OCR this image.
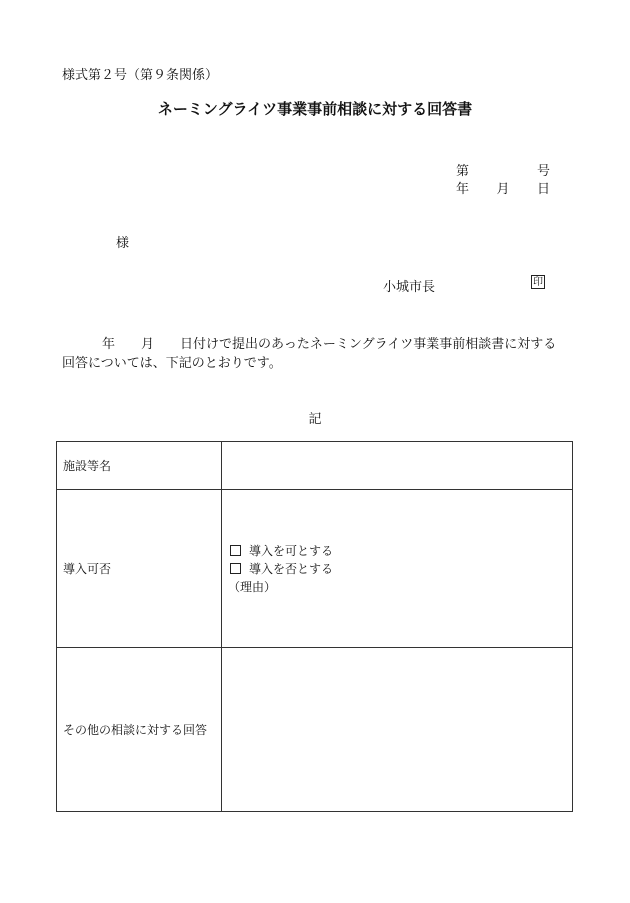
様式第２号（第９条関係）
ネーミングライツ事業事前相談に対する回答書
第	号
年 月 日
様
小城市長	印
年 月 日付けで提出のあったネーミングライツ事業事前相談書に対する回答については、下記のとおりです。
記
施設等名	
導入可否	導入を可とする
導入を否とする
（理由）

その他の相談に対する回答	
